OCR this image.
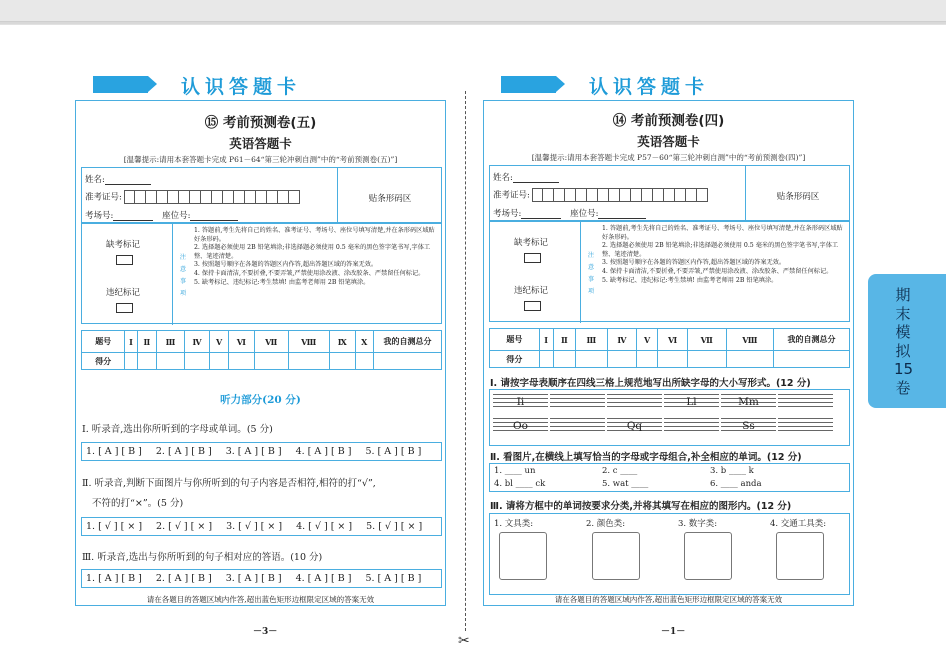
✂
认识答题卡
⑮ 考前预测卷(五)
英语答题卡
[温馨提示:请用本套答题卡完成 P61－64“第三轮冲刺自测”中的“考前预测卷(五)”]
姓名:
准考证号:
考场号:	座位号:
贴条形码区
缺考标记
违纪标记
注意事项
1. 答题前,考生先将自己的姓名、准考证号、考场号、座位号填写清楚,并在条形码区域贴好条形码。
2. 选择题必须使用 2B 铅笔填涂;非选择题必须使用 0.5 毫米的黑色签字笔书写,字体工整、笔迹清楚。
3. 按照题号顺序在各题的答题区内作答,超出答题区域的答案无效。
4. 保持卡面清洁,不要折叠,不要弄皱,严禁使用涂改液、涂改胶条、严禁留任何标记。
5. 缺考标记、违纪标记:考生禁填! 由监考老师用 2B 铅笔填涂。
题号	Ⅰ	Ⅱ	Ⅲ	Ⅳ	Ⅴ	Ⅵ	Ⅶ	Ⅷ	Ⅸ	Ⅹ	我的自测总分
得分											
听力部分(20 分)
Ⅰ. 听录音,选出你所听到的字母或单词。(5 分)
1. [ A ] [ B ] 2. [ A ] [ B ] 3. [ A ] [ B ] 4. [ A ] [ B ] 5. [ A ] [ B ]
Ⅱ. 听录音,判断下面图片与你所听到的句子内容是否相符,相符的打“√”,
不符的打“×”。(5 分)
1. [ √ ] [ × ] 2. [ √ ] [ × ] 3. [ √ ] [ × ] 4. [ √ ] [ × ] 5. [ √ ] [ × ]
Ⅲ. 听录音,选出与你所听到的句子相对应的答语。(10 分)
1. [ A ] [ B ] 2. [ A ] [ B ] 3. [ A ] [ B ] 4. [ A ] [ B ] 5. [ A ] [ B ]
请在各题目的答题区域内作答,超出蓝色矩形边框限定区域的答案无效
－3－
认识答题卡
⑭ 考前预测卷(四)
英语答题卡
[温馨提示:请用本套答题卡完成 P57－60“第三轮冲刺自测”中的“考前预测卷(四)”]
姓名:
准考证号:
考场号:	座位号:
贴条形码区
缺考标记
违纪标记
注意事项
1. 答题前,考生先将自己的姓名、准考证号、考场号、座位号填写清楚,并在条形码区域贴好条形码。
2. 选择题必须使用 2B 铅笔填涂;非选择题必须使用 0.5 毫米的黑色签字笔书写,字体工整、笔迹清楚。
3. 按照题号顺序在各题的答题区内作答,超出答题区域的答案无效。
4. 保持卡面清洁,不要折叠,不要弄皱,严禁使用涂改液、涂改胶条、严禁留任何标记。
5. 缺考标记、违纪标记:考生禁填! 由监考老师用 2B 铅笔填涂。
题号	Ⅰ	Ⅱ	Ⅲ	Ⅳ	Ⅴ	Ⅵ	Ⅶ	Ⅷ	我的自测总分
得分									
Ⅰ. 请按字母表顺序在四线三格上规范地写出所缺字母的大小写形式。(12 分)
Ii	Ll	Mm
Oo	Qq	Ss
Ⅱ. 看图片,在横线上填写恰当的字母或字母组合,补全相应的单词。(12 分)
1. ____ un	2. c ____	3. b ____ k
4. bl ____ ck	5. wat ____	6. ____ anda
Ⅲ. 请将方框中的单词按要求分类,并将其填写在相应的图形内。(12 分)
1. 文具类:	2. 颜色类:	3. 数字类:	4. 交通工具类:
请在各题目的答题区域内作答,超出蓝色矩形边框限定区域的答案无效
－1－
期末模拟15卷
